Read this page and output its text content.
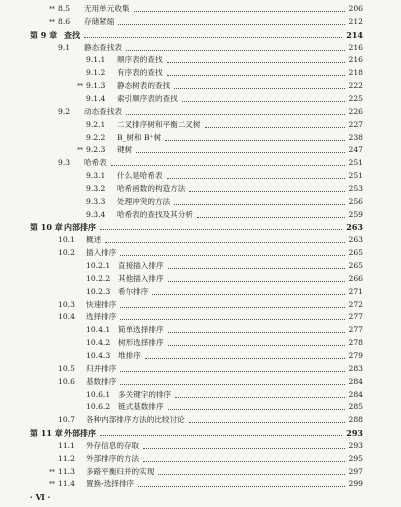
** 8.5 无用单元收集	206
** 8.6 存储紧缩	212
第 9 章 查找	214
9.1 静态查找表	216
9.1.1 顺序表的查找	216
9.1.2 有序表的查找	218
** 9.1.3 静态树表的查找	222
9.1.4 索引顺序表的查找	225
9.2 动态查找表	226
9.2.1 二叉排序树和平衡二叉树	227
9.2.2 B_树和 B⁺树	238
** 9.2.3 键树	247
9.3 哈希表	251
9.3.1 什么是哈希表	251
9.3.2 哈希函数的构造方法	253
9.3.3 处理冲突的方法	256
9.3.4 哈希表的查找及其分析	259
第 10 章 内部排序	263
10.1 概述	263
10.2 插入排序	265
10.2.1 直接插入排序	265
10.2.2 其他插入排序	266
10.2.3 希尔排序	271
10.3 快速排序	272
10.4 选择排序	277
10.4.1 简单选择排序	277
10.4.2 树形选择排序	278
10.4.3 堆排序	279
10.5 归并排序	283
10.6 基数排序	284
10.6.1 多关键字的排序	284
10.6.2 链式基数排序	285
10.7 各种内部排序方法的比较讨论	288
第 11 章 外部排序	293
11.1 外存信息的存取	293
11.2 外部排序的方法	295
** 11.3 多路平衡归并的实现	297
** 11.4 置换-选择排序	299
· Ⅵ ·
